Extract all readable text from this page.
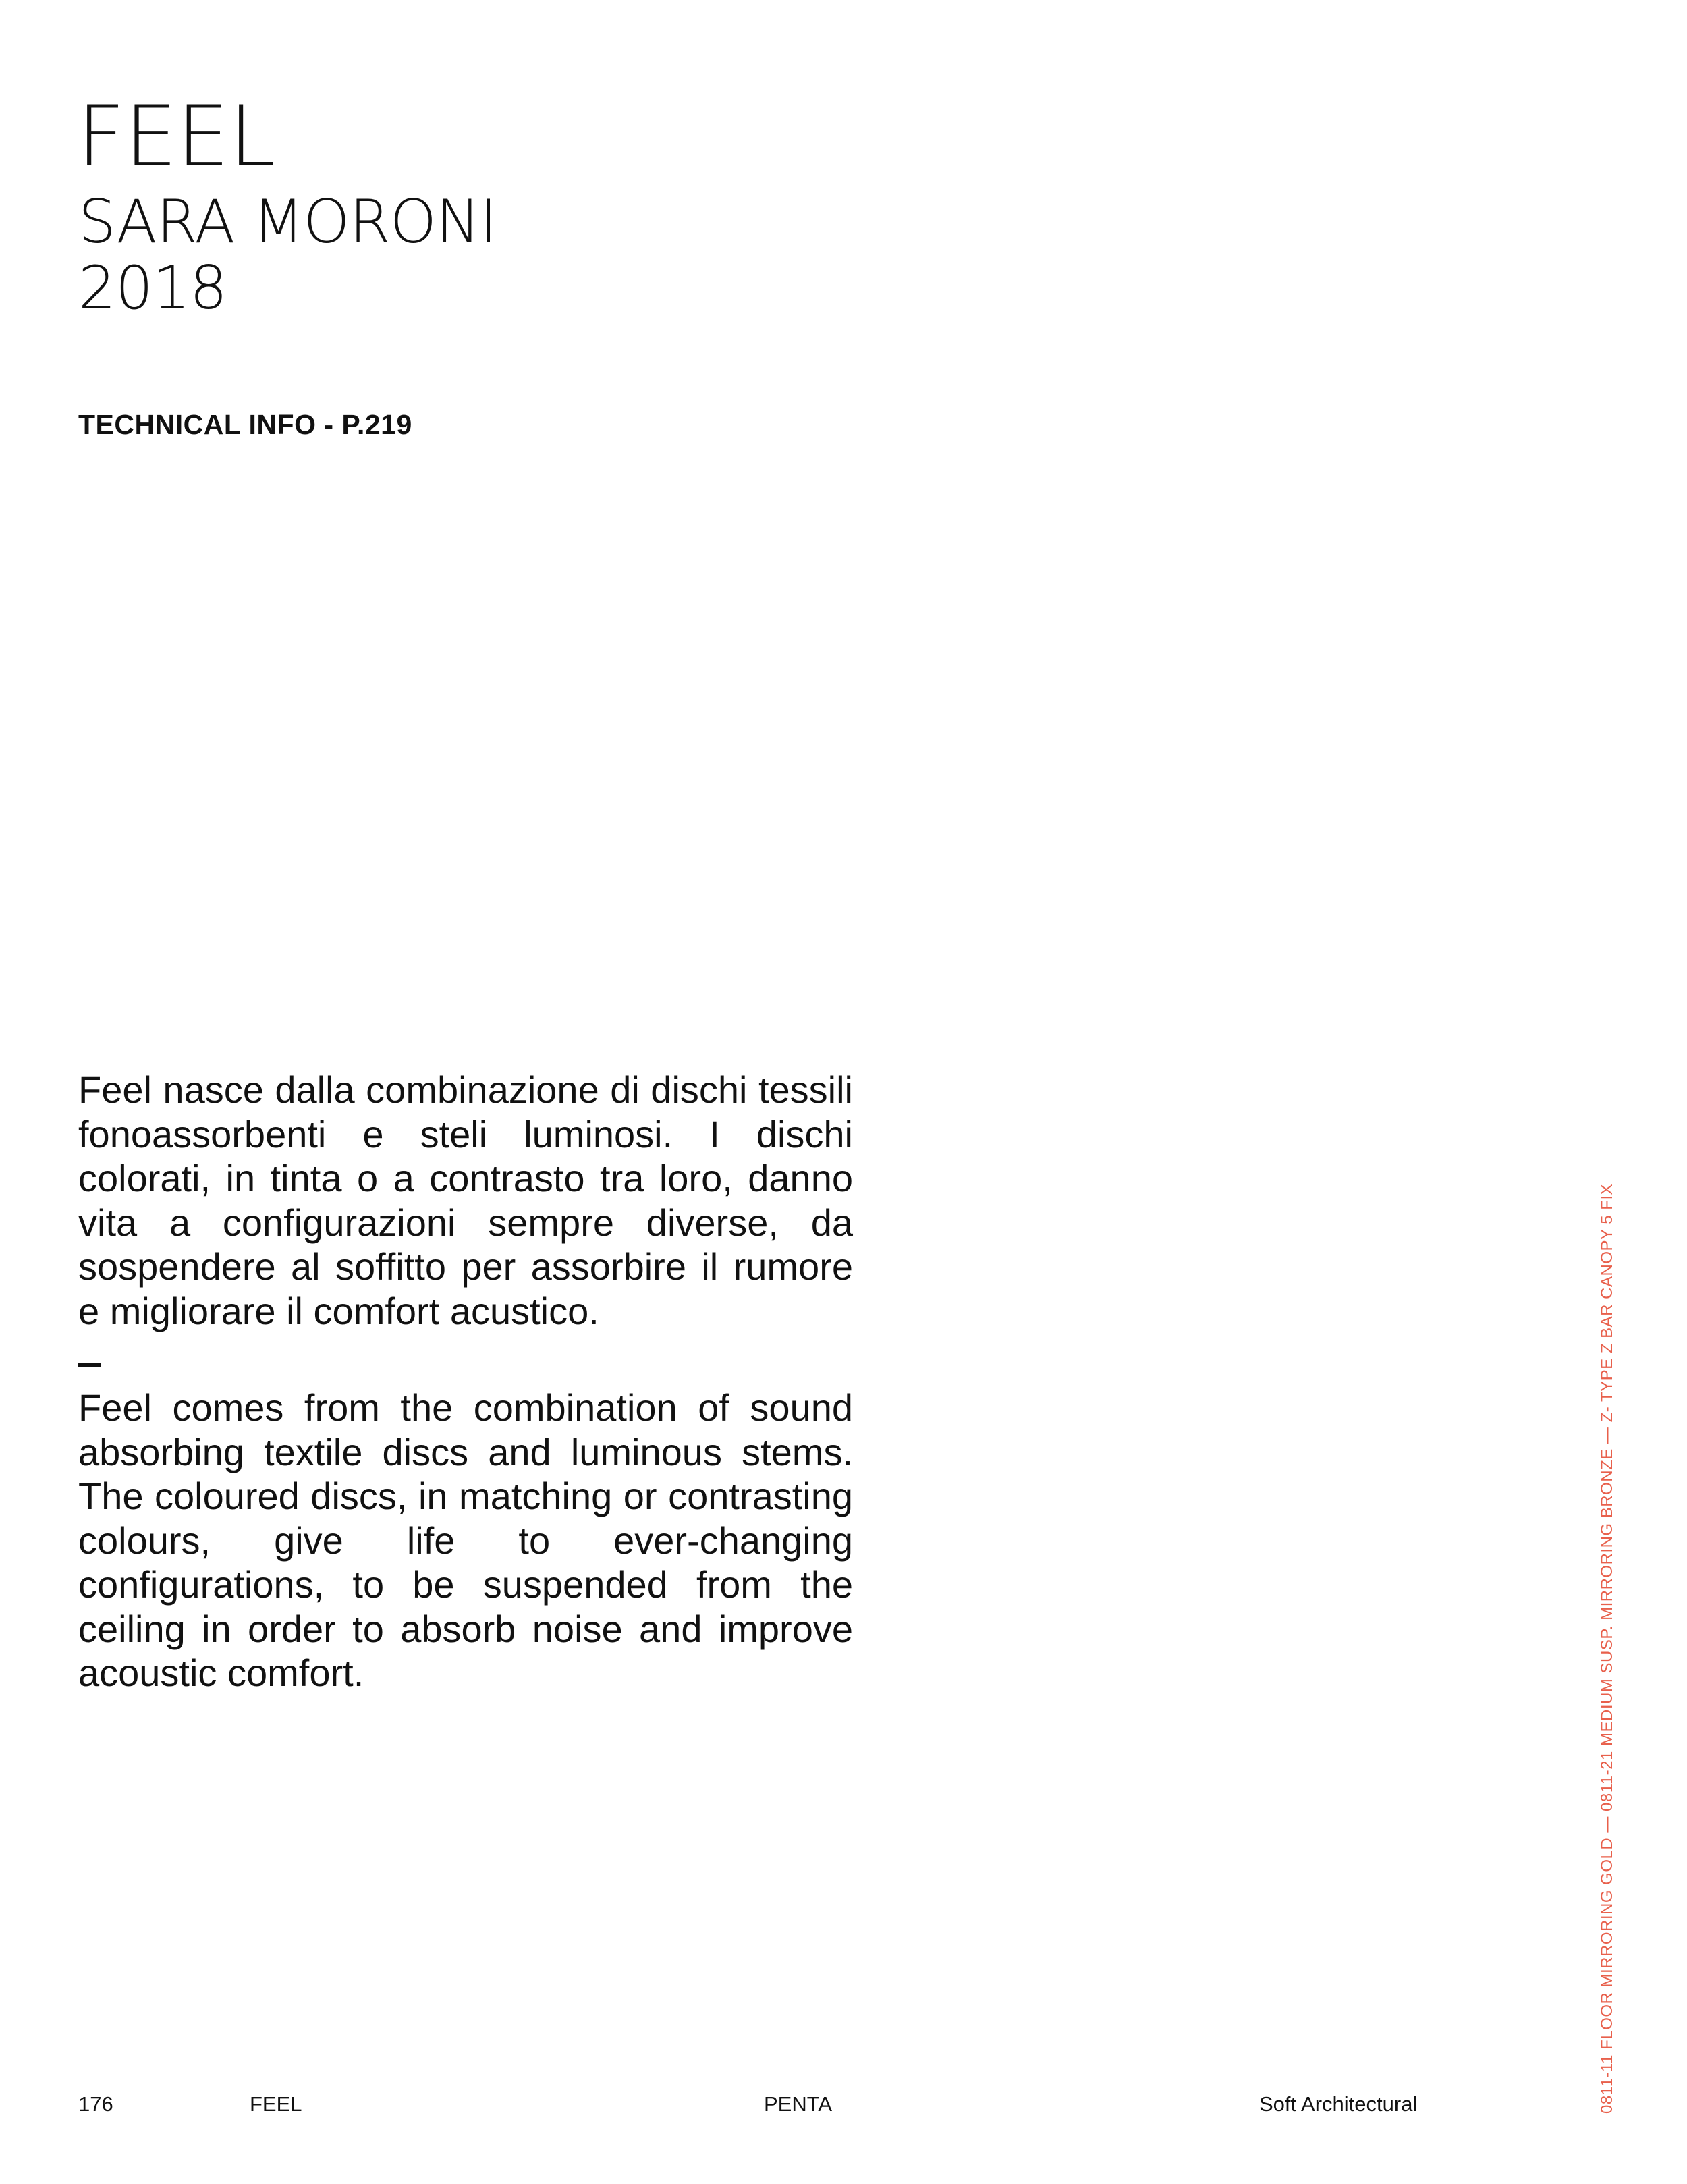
FEEL
SARA MORONI
2018
TECHNICAL INFO - P.219

Feel nasce dalla combinazione di dischi tessili fonoassorbenti e steli luminosi. I dischi colorati, in tinta o a contrasto tra loro, danno vita a configurazioni sempre diverse, da sospendere al soffitto per assorbire il rumore e migliorare il comfort acustico.

Feel comes from the combination of sound absorbing textile discs and luminous stems. The coloured discs, in matching or contrasting colours, give life to ever-changing configurations, to be suspended from the ceiling in order to absorb noise and improve acoustic comfort.	0811-11 FLOOR MIRRORING GOLD — 0811-21 MEDIUM SUSP. MIRRORING BRONZE — Z- TYPE Z BAR CANOPY 5 FIX
176	FEEL	PENTA	Soft Architectural
